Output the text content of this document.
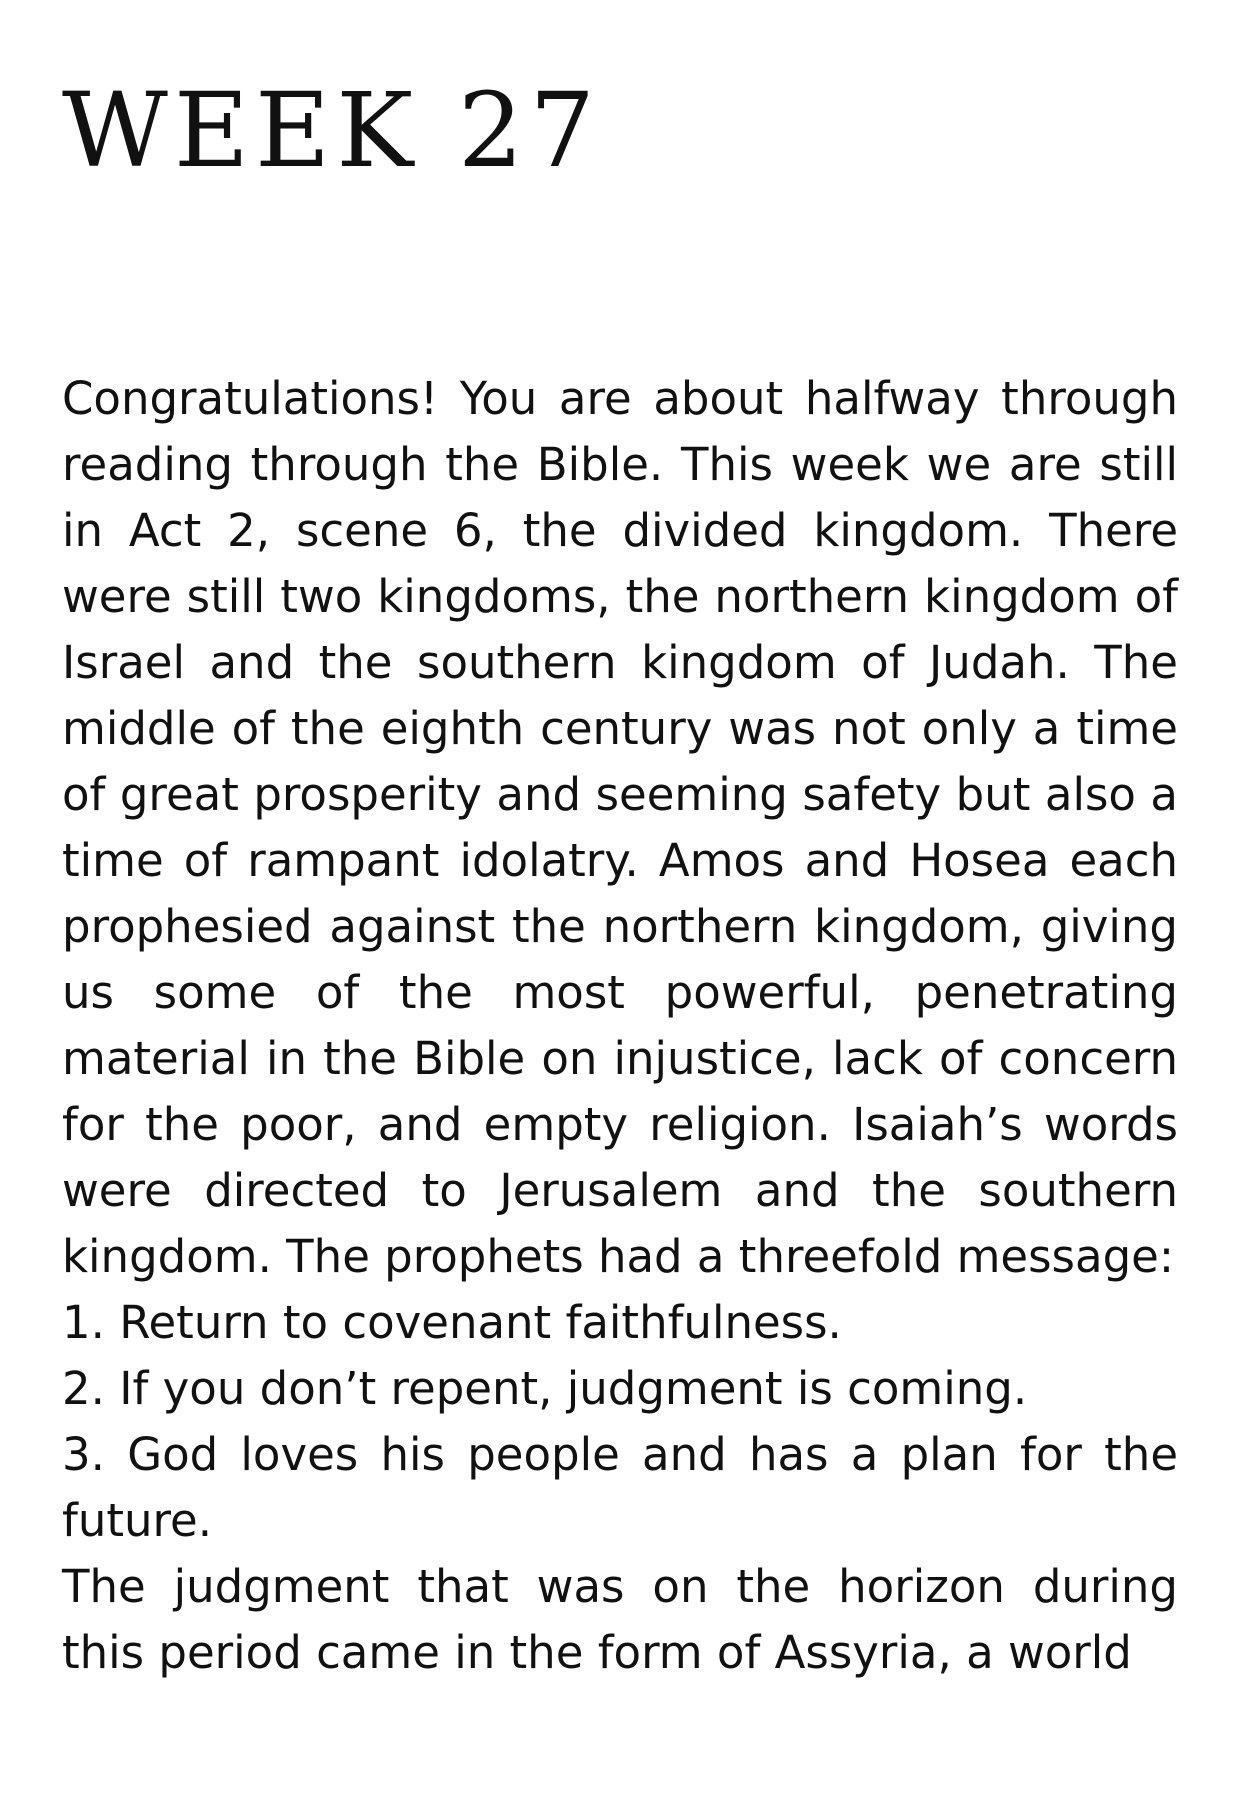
WEEK 27

Congratulations! You are about halfway through reading through the Bible. This week we are still in Act 2, scene 6, the divided kingdom. There were still two kingdoms, the northern kingdom of Israel and the southern kingdom of Judah. The middle of the eighth century was not only a time of great prosperity and seeming safety but also a time of rampant idolatry. Amos and Hosea each prophesied against the northern kingdom, giving us some of the most powerful, penetrating material in the Bible on injustice, lack of concern for the poor, and empty religion. Isaiah’s words were directed to Jerusalem and the southern kingdom. The prophets had a threefold message:

1. Return to covenant faithfulness.
2. If you don’t repent, judgment is coming.
3. God loves his people and has a plan for the future.

The judgment that was on the horizon during this period came in the form of Assyria, a world
